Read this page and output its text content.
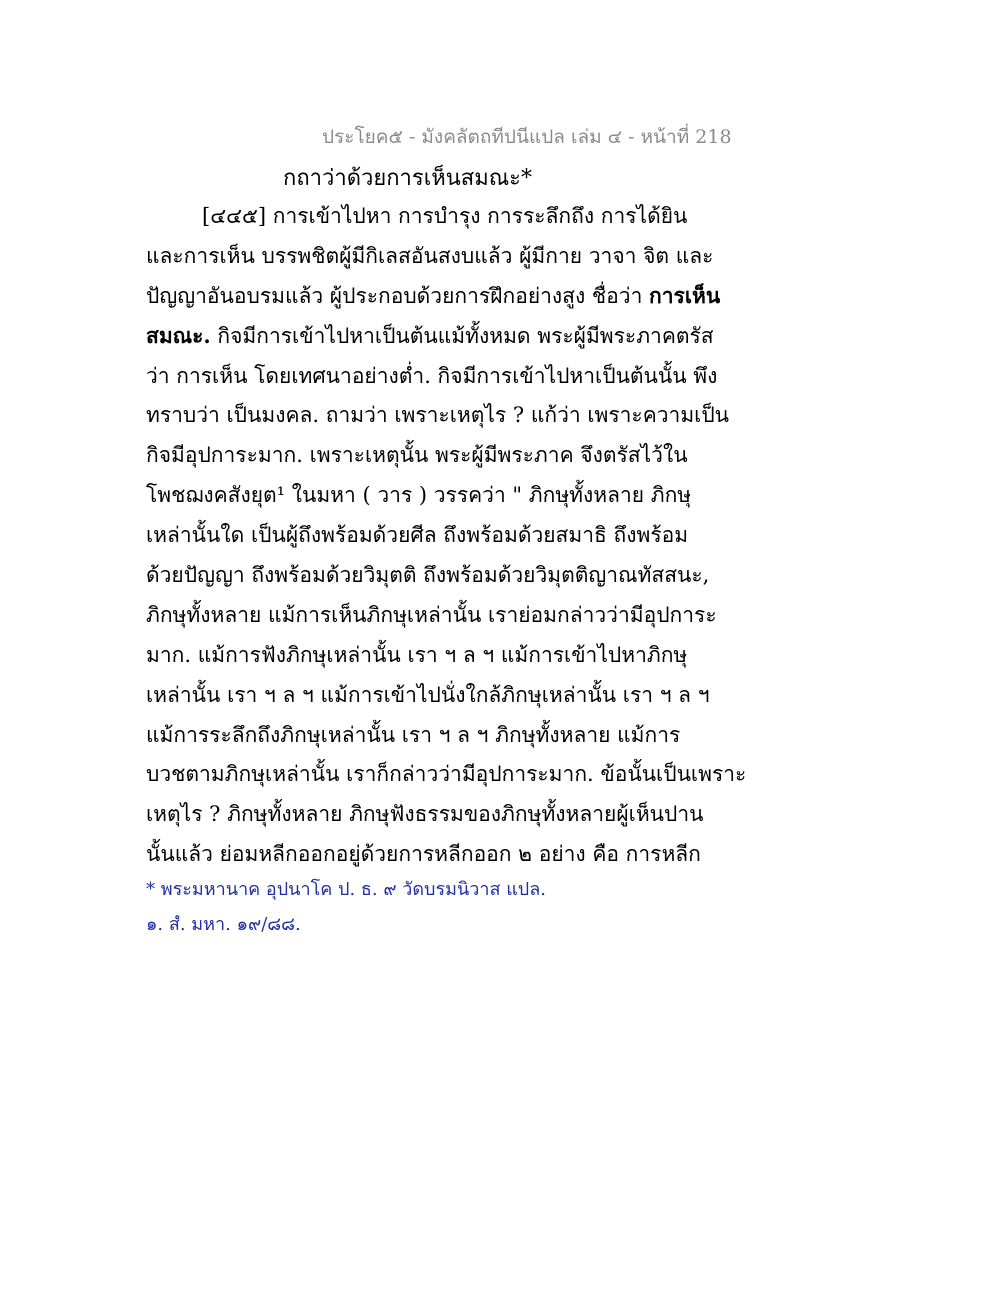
ประโยค๕ - มังคลัตถทีปนีแปล เล่ม ๔ - หน้าที่ 218
กถาว่าด้วยการเห็นสมณะ*
[๔๔๕] การเข้าไปหา การบำรุง การระลึกถึง การได้ยิน
และการเห็น บรรพชิตผู้มีกิเลสอันสงบแล้ว ผู้มีกาย วาจา จิต และ
ปัญญาอันอบรมแล้ว ผู้ประกอบด้วยการฝึกอย่างสูง ชื่อว่า การเห็น
สมณะ. กิจมีการเข้าไปหาเป็นต้นแม้ทั้งหมด พระผู้มีพระภาคตรัส
ว่า การเห็น โดยเทศนาอย่างต่ำ. กิจมีการเข้าไปหาเป็นต้นนั้น พึง
ทราบว่า เป็นมงคล. ถามว่า เพราะเหตุไร ? แก้ว่า เพราะความเป็น
กิจมีอุปการะมาก. เพราะเหตุนั้น พระผู้มีพระภาค จึงตรัสไว้ใน
โพชฌงคสังยุต¹ ในมหา ( วาร ) วรรคว่า " ภิกษุทั้งหลาย ภิกษุ
เหล่านั้นใด เป็นผู้ถึงพร้อมด้วยศีล ถึงพร้อมด้วยสมาธิ ถึงพร้อม
ด้วยปัญญา ถึงพร้อมด้วยวิมุตติ ถึงพร้อมด้วยวิมุตติญาณทัสสนะ,
ภิกษุทั้งหลาย แม้การเห็นภิกษุเหล่านั้น เราย่อมกล่าวว่ามีอุปการะ
มาก. แม้การฟังภิกษุเหล่านั้น เรา ฯ ล ฯ แม้การเข้าไปหาภิกษุ
เหล่านั้น เรา ฯ ล ฯ แม้การเข้าไปนั่งใกล้ภิกษุเหล่านั้น เรา ฯ ล ฯ
แม้การระลึกถึงภิกษุเหล่านั้น เรา ฯ ล ฯ ภิกษุทั้งหลาย แม้การ
บวชตามภิกษุเหล่านั้น เราก็กล่าวว่ามีอุปการะมาก. ข้อนั้นเป็นเพราะ
เหตุไร ? ภิกษุทั้งหลาย ภิกษุฟังธรรมของภิกษุทั้งหลายผู้เห็นปาน
นั้นแล้ว ย่อมหลีกออกอยู่ด้วยการหลีกออก ๒ อย่าง คือ การหลีก
* พระมหานาค อุปนาโค ป. ธ. ๙ วัดบรมนิวาส แปล.
๑. สํ. มหา. ๑๙/๘๘.
